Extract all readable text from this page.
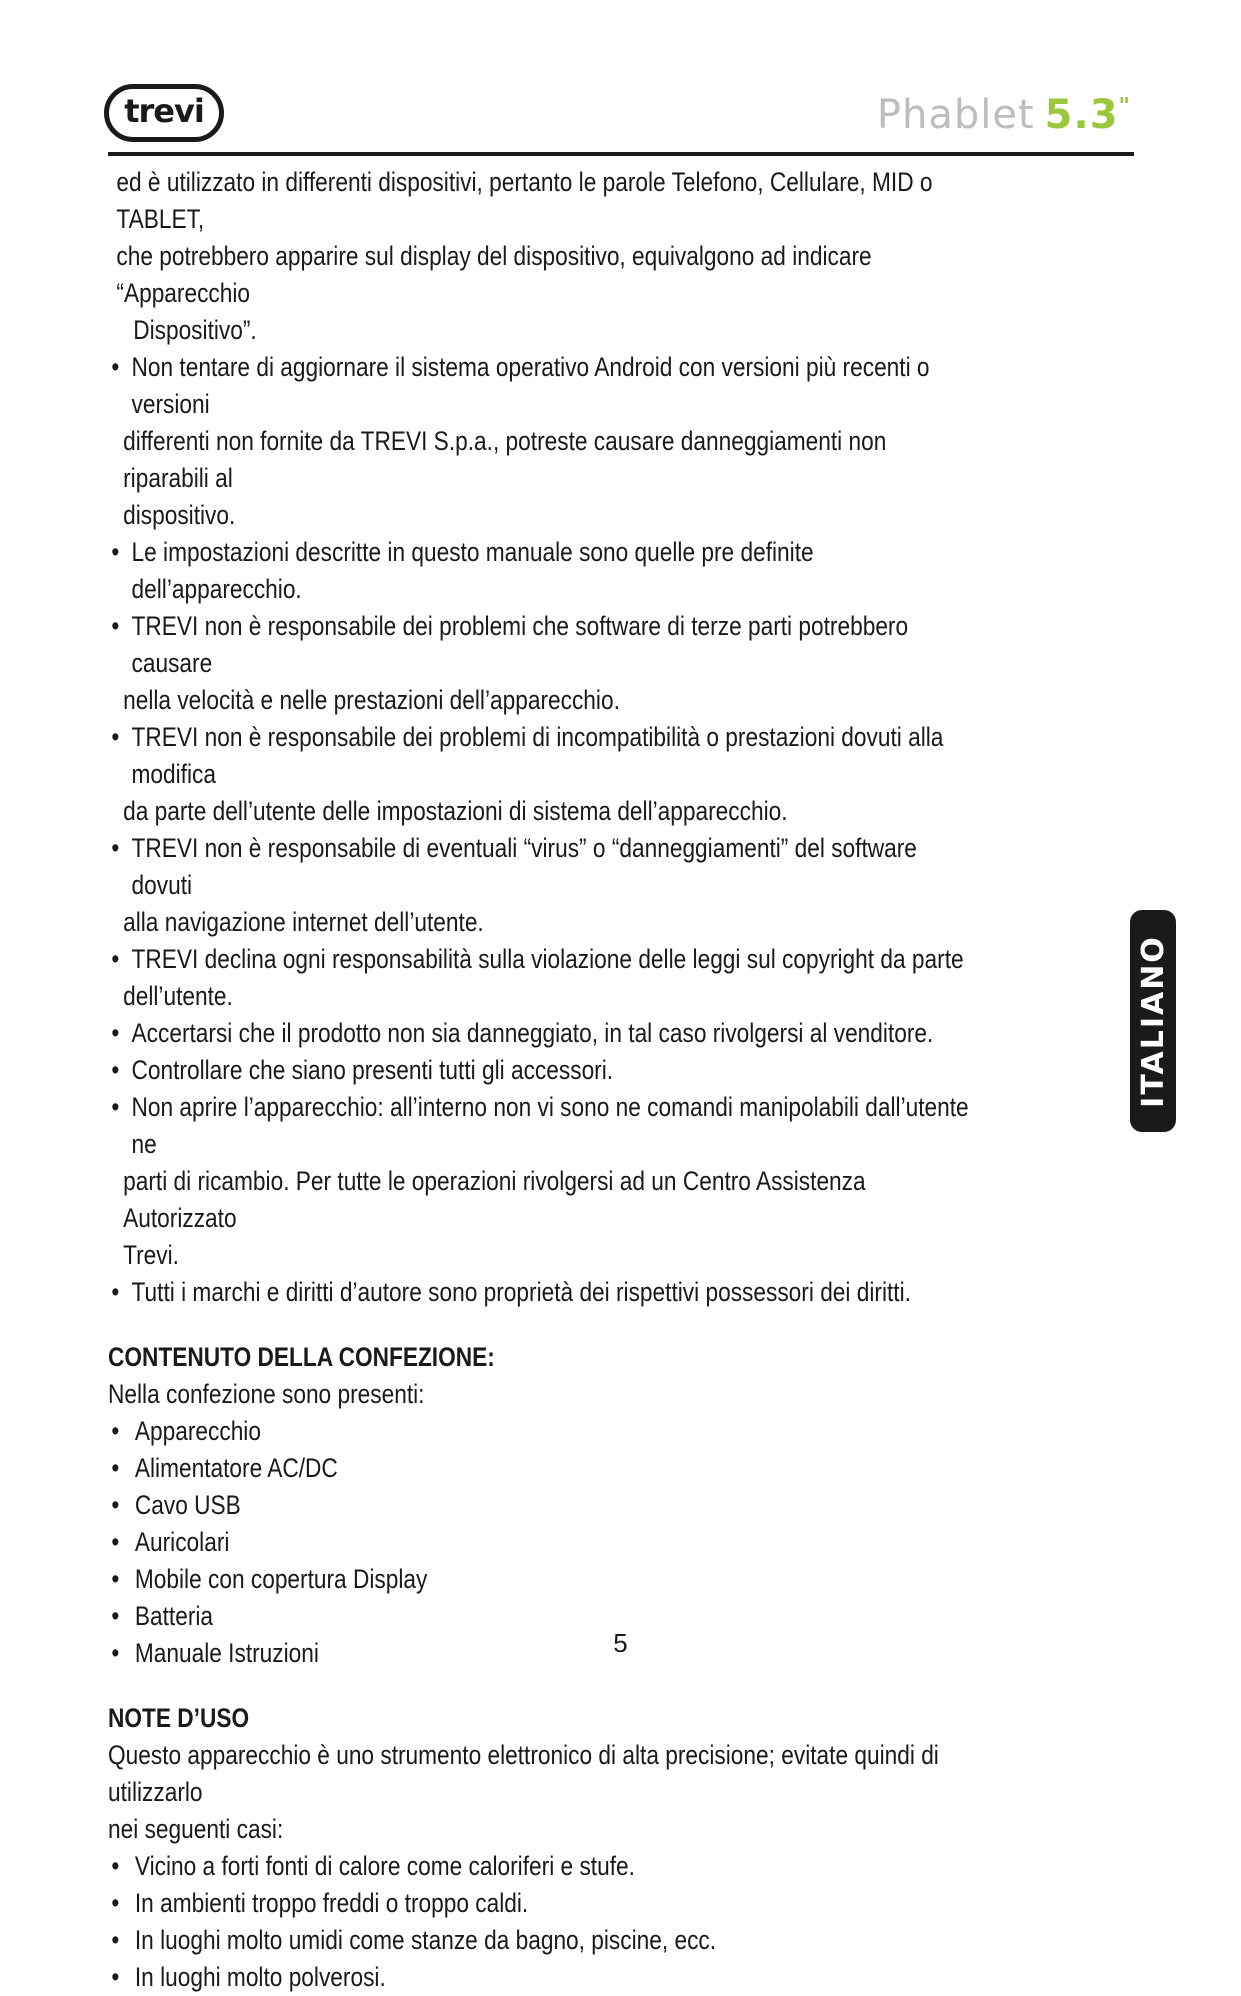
trevi	Phablet 5.3"

ed è utilizzato in differenti dispositivi, pertanto le parole Telefono, Cellulare, MID o TABLET,

che potrebbero apparire sul display del dispositivo, equivalgono ad indicare “Apparecchio

Dispositivo”.

• Non tentare di aggiornare il sistema operativo Android con versioni più recenti o versioni

differenti non fornite da TREVI S.p.a., potreste causare danneggiamenti non riparabili al

dispositivo.

• Le impostazioni descritte in questo manuale sono quelle pre definite dell’apparecchio.

• TREVI non è responsabile dei problemi che software di terze parti potrebbero causare

nella velocità e nelle prestazioni dell’apparecchio.

• TREVI non è responsabile dei problemi di incompatibilità o prestazioni dovuti alla modifica

da parte dell’utente delle impostazioni di sistema dell’apparecchio.

• TREVI non è responsabile di eventuali “virus” o “danneggiamenti” del software dovuti

alla navigazione internet dell’utente.

• TREVI declina ogni responsabilità sulla violazione delle leggi sul copyright da parte

dell’utente.

• Accertarsi che il prodotto non sia danneggiato, in tal caso rivolgersi al venditore.

• Controllare che siano presenti tutti gli accessori.

• Non aprire l’apparecchio: all’interno non vi sono ne comandi manipolabili dall’utente ne

parti di ricambio. Per tutte le operazioni rivolgersi ad un Centro Assistenza Autorizzato

Trevi.

• Tutti i marchi e diritti d’autore sono proprietà dei rispettivi possessori dei diritti.

CONTENUTO DELLA CONFEZIONE:

Nella confezione sono presenti:

• Apparecchio

• Alimentatore AC/DC

• Cavo USB

• Auricolari

• Mobile con copertura Display

• Batteria

• Manuale Istruzioni

NOTE D’USO

Questo apparecchio è uno strumento elettronico di alta precisione; evitate quindi di utilizzarlo

nei seguenti casi:

• Vicino a forti fonti di calore come caloriferi e stufe.

• In ambienti troppo freddi o troppo caldi.

• In luoghi molto umidi come stanze da bagno, piscine, ecc.

• In luoghi molto polverosi.

ITALIANO
5
